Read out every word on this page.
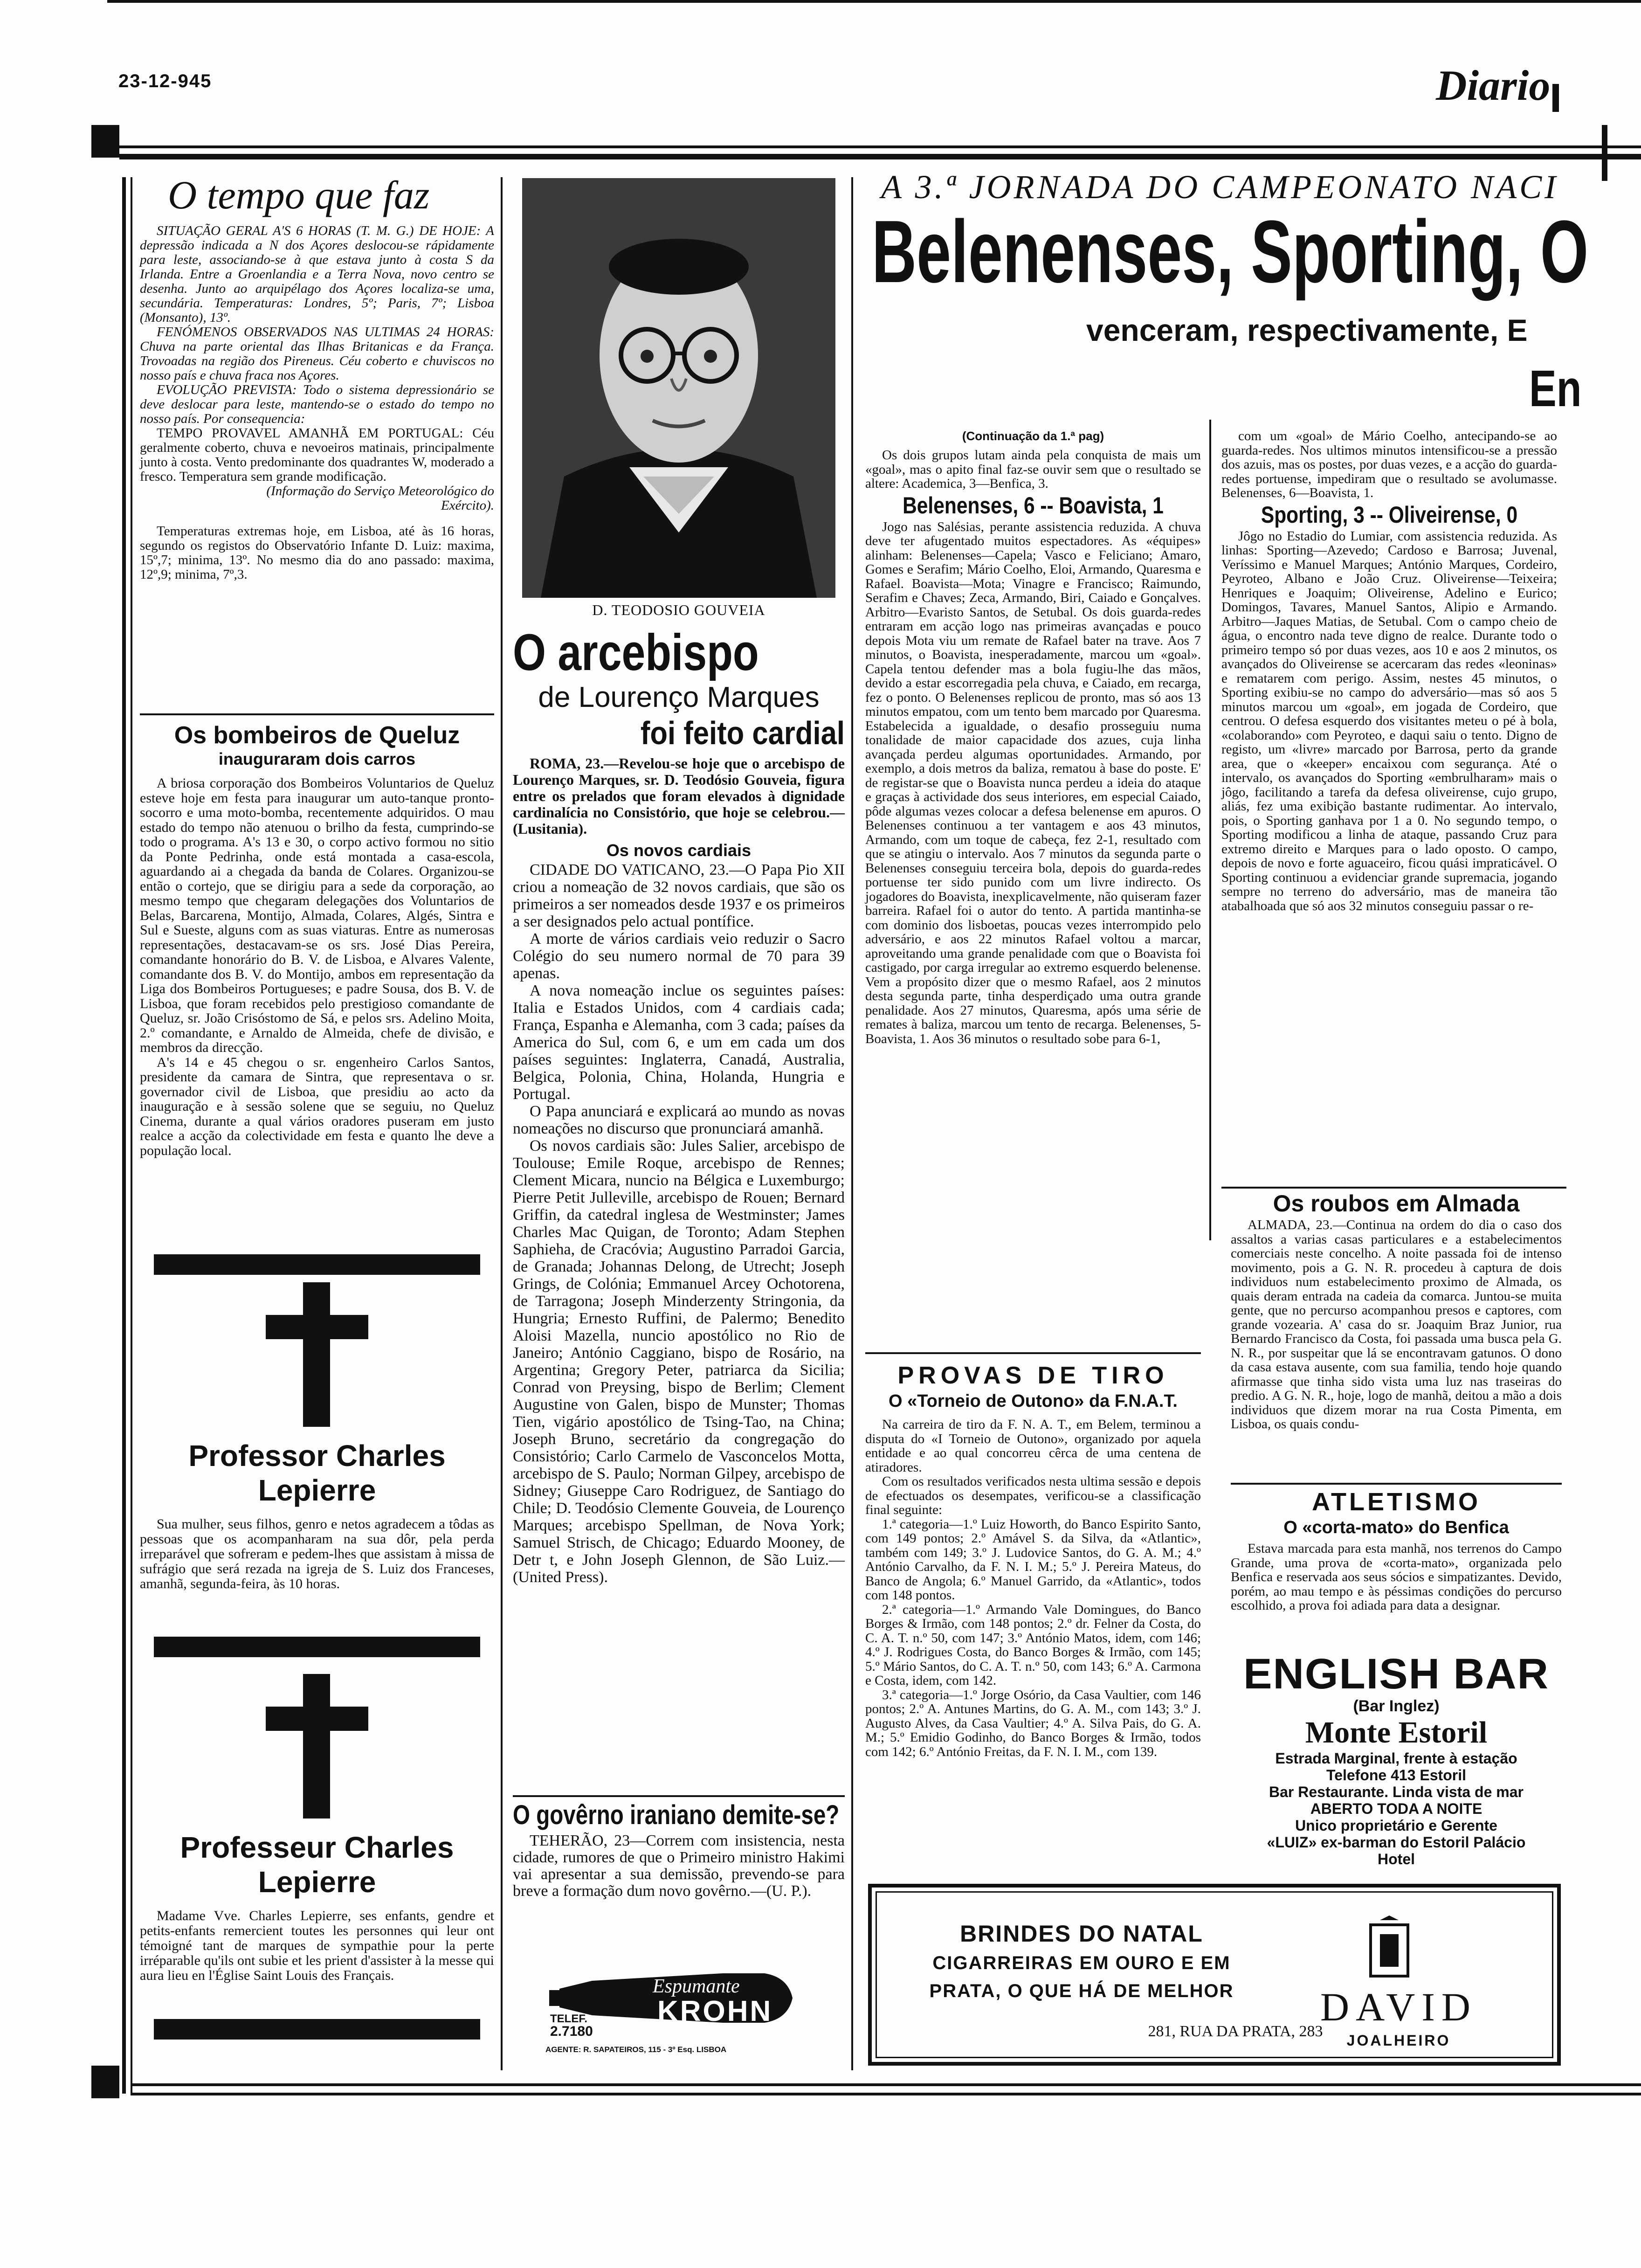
23-12-945	Diario
O tempo que faz

SITUAÇÃO GERAL A'S 6 HORAS (T. M. G.) DE HOJE: A depressão indicada a N dos Açores deslocou-se rápidamente para leste, associando-se à que estava junto à costa S da Irlanda. Entre a Groenlandia e a Terra Nova, novo centro se desenha. Junto ao arquipélago dos Açores localiza-se uma, secundária. Temperaturas: Londres, 5º; Paris, 7º; Lisboa (Monsanto), 13º.

FENÓMENOS OBSERVADOS NAS ULTIMAS 24 HORAS: Chuva na parte oriental das Ilhas Britanicas e da França. Trovoadas na região dos Pireneus. Céu coberto e chuviscos no nosso país e chuva fraca nos Açores.

EVOLUÇÃO PREVISTA: Todo o sistema depressionário se deve deslocar para leste, mantendo-se o estado do tempo no nosso país. Por consequencia:

TEMPO PROVAVEL AMANHÃ EM PORTUGAL: Céu geralmente coberto, chuva e nevoeiros matinais, principalmente junto à costa. Vento predominante dos quadrantes W, moderado a fresco. Temperatura sem grande modificação.

(Informação do Serviço Meteorológico do Exército).

Temperaturas extremas hoje, em Lisboa, até às 16 horas, segundo os registos do Observatório Infante D. Luiz: maxima, 15º,7; minima, 13º. No mesmo dia do ano passado: maxima, 12º,9; minima, 7º,3.

Os bombeiros de Queluz
inauguraram dois carros

A briosa corporação dos Bombeiros Voluntarios de Queluz esteve hoje em festa para inaugurar um auto-tanque pronto-socorro e uma moto-bomba, recentemente adquiridos. O mau estado do tempo não atenuou o brilho da festa, cumprindo-se todo o programa. A's 13 e 30, o corpo activo formou no sitio da Ponte Pedrinha, onde está montada a casa-escola, aguardando ai a chegada da banda de Colares. Organizou-se então o cortejo, que se dirigiu para a sede da corporação, ao mesmo tempo que chegaram delegações dos Voluntarios de Belas, Barcarena, Montijo, Almada, Colares, Algés, Sintra e Sul e Sueste, alguns com as suas viaturas. Entre as numerosas representações, destacavam-se os srs. José Dias Pereira, comandante honorário do B. V. de Lisboa, e Alvares Valente, comandante dos B. V. do Montijo, ambos em representação da Liga dos Bombeiros Portugueses; e padre Sousa, dos B. V. de Lisboa, que foram recebidos pelo prestigioso comandante de Queluz, sr. João Crisóstomo de Sá, e pelos srs. Adelino Moita, 2.º comandante, e Arnaldo de Almeida, chefe de divisão, e membros da direcção.

A's 14 e 45 chegou o sr. engenheiro Carlos Santos, presidente da camara de Sintra, que representava o sr. governador civil de Lisboa, que presidiu ao acto da inauguração e à sessão solene que se seguiu, no Queluz Cinema, durante a qual vários oradores puseram em justo realce a acção da colectividade em festa e quanto lhe deve a população local.

Professor Charles Lepierre

Sua mulher, seus filhos, genro e netos agradecem a tôdas as pessoas que os acompanharam na sua dôr, pela perda irreparável que sofreram e pedem-lhes que assistam à missa de sufrágio que será rezada na igreja de S. Luiz dos Franceses, amanhã, segunda-feira, às 10 horas.

Professeur Charles Lepierre

Madame Vve. Charles Lepierre, ses enfants, gendre et petits-enfants remercient toutes les personnes qui leur ont témoigné tant de marques de sympathie pour la perte irréparable qu'ils ont subie et les prient d'assister à la messe qui aura lieu en l'Église Saint Louis des Français.

D. TEODOSIO GOUVEIA
O arcebispo
de Lourenço Marques
foi feito cardial

ROMA, 23.—Revelou-se hoje que o arcebispo de Lourenço Marques, sr. D. Teodósio Gouveia, figura entre os prelados que foram elevados à dignidade cardinalícia no Consistório, que hoje se celebrou.—(Lusitania).

Os novos cardiais

CIDADE DO VATICANO, 23.—O Papa Pio XII criou a nomeação de 32 novos cardiais, que são os primeiros a ser nomeados desde 1937 e os primeiros a ser designados pelo actual pontífice.

A morte de vários cardiais veio reduzir o Sacro Colégio do seu numero normal de 70 para 39 apenas.

A nova nomeação inclue os seguintes países: Italia e Estados Unidos, com 4 cardiais cada; França, Espanha e Alemanha, com 3 cada; países da America do Sul, com 6, e um em cada um dos países seguintes: Inglaterra, Canadá, Australia, Belgica, Polonia, China, Holanda, Hungria e Portugal.

O Papa anunciará e explicará ao mundo as novas nomeações no discurso que pronunciará amanhã.

Os novos cardiais são: Jules Salier, arcebispo de Toulouse; Emile Roque, arcebispo de Rennes; Clement Micara, nuncio na Bélgica e Luxemburgo; Pierre Petit Julleville, arcebispo de Rouen; Bernard Griffin, da catedral inglesa de Westminster; James Charles Mac Quigan, de Toronto; Adam Stephen Saphieha, de Cracóvia; Augustino Parradoi Garcia, de Granada; Johannas Delong, de Utrecht; Joseph Grings, de Colónia; Emmanuel Arcey Ochotorena, de Tarragona; Joseph Minderzenty Stringonia, da Hungria; Ernesto Ruffini, de Palermo; Benedito Aloisi Mazella, nuncio apostólico no Rio de Janeiro; António Caggiano, bispo de Rosário, na Argentina; Gregory Peter, patriarca da Sicilia; Conrad von Preysing, bispo de Berlim; Clement Augustine von Galen, bispo de Munster; Thomas Tien, vigário apostólico de Tsing-Tao, na China; Joseph Bruno, secretário da congregação do Consistório; Carlo Carmelo de Vasconcelos Motta, arcebispo de S. Paulo; Norman Gilpey, arcebispo de Sidney; Giuseppe Caro Rodriguez, de Santiago do Chile; D. Teodósio Clemente Gouveia, de Lourenço Marques; arcebispo Spellman, de Nova York; Samuel Strisch, de Chicago; Eduardo Mooney, de Detr t, e John Joseph Glennon, de São Luiz.—(United Press).

O govêrno iraniano demite-se?

TEHERÃO, 23—Correm com insistencia, nesta cidade, rumores de que o Primeiro ministro Hakimi vai apresentar a sua demissão, prevendo-se para breve a formação dum novo govêrno.—(U. P.).

Espumante
KROHN
TELEF.
2.7180
AGENTE: R. SAPATEIROS, 115 - 3º Esq. LISBOA
A 3.ª JORNADA DO CAMPEONATO NACI
Belenenses, Sporting, O
venceram, respectivamente, E
En
(Continuação da 1.ª pag)

Os dois grupos lutam ainda pela conquista de mais um «goal», mas o apito final faz-se ouvir sem que o resultado se altere: Academica, 3—Benfica, 3.

Belenenses, 6 -- Boavista, 1

Jogo nas Salésias, perante assistencia reduzida. A chuva deve ter afugentado muitos espectadores. As «équipes» alinham: Belenenses—Capela; Vasco e Feliciano; Amaro, Gomes e Serafim; Mário Coelho, Eloi, Armando, Quaresma e Rafael. Boavista—Mota; Vinagre e Francisco; Raimundo, Serafim e Chaves; Zeca, Armando, Biri, Caiado e Gonçalves. Arbitro—Evaristo Santos, de Setubal. Os dois guarda-redes entraram em acção logo nas primeiras avançadas e pouco depois Mota viu um remate de Rafael bater na trave. Aos 7 minutos, o Boavista, inesperadamente, marcou um «goal». Capela tentou defender mas a bola fugiu-lhe das mãos, devido a estar escorregadia pela chuva, e Caiado, em recarga, fez o ponto. O Belenenses replicou de pronto, mas só aos 13 minutos empatou, com um tento bem marcado por Quaresma. Estabelecida a igualdade, o desafio prosseguiu numa tonalidade de maior capacidade dos azues, cuja linha avançada perdeu algumas oportunidades. Armando, por exemplo, a dois metros da baliza, rematou à base do poste. E' de registar-se que o Boavista nunca perdeu a ideia do ataque e graças à actividade dos seus interiores, em especial Caiado, pôde algumas vezes colocar a defesa belenense em apuros. O Belenenses continuou a ter vantagem e aos 43 minutos, Armando, com um toque de cabeça, fez 2-1, resultado com que se atingiu o intervalo. Aos 7 minutos da segunda parte o Belenenses conseguiu terceira bola, depois do guarda-redes portuense ter sido punido com um livre indirecto. Os jogadores do Boavista, inexplicavelmente, não quiseram fazer barreira. Rafael foi o autor do tento. A partida mantinha-se com dominio dos lisboetas, poucas vezes interrompido pelo adversário, e aos 22 minutos Rafael voltou a marcar, aproveitando uma grande penalidade com que o Boavista foi castigado, por carga irregular ao extremo esquerdo belenense. Vem a propósito dizer que o mesmo Rafael, aos 2 minutos desta segunda parte, tinha desperdiçado uma outra grande penalidade. Aos 27 minutos, Quaresma, após uma série de remates à baliza, marcou um tento de recarga. Belenenses, 5-Boavista, 1. Aos 36 minutos o resultado sobe para 6-1,

com um «goal» de Mário Coelho, antecipando-se ao guarda-redes. Nos ultimos minutos intensificou-se a pressão dos azuis, mas os postes, por duas vezes, e a acção do guarda-redes portuense, impediram que o resultado se avolumasse. Belenenses, 6—Boavista, 1.

Sporting, 3 -- Oliveirense, 0

Jôgo no Estadio do Lumiar, com assistencia reduzida. As linhas: Sporting—Azevedo; Cardoso e Barrosa; Juvenal, Veríssimo e Manuel Marques; António Marques, Cordeiro, Peyroteo, Albano e João Cruz. Oliveirense—Teixeira; Henriques e Joaquim; Oliveirense, Adelino e Eurico; Domingos, Tavares, Manuel Santos, Alipio e Armando. Arbitro—Jaques Matias, de Setubal. Com o campo cheio de água, o encontro nada teve digno de realce. Durante todo o primeiro tempo só por duas vezes, aos 10 e aos 2 minutos, os avançados do Oliveirense se acercaram das redes «leoninas» e rematarem com perigo. Assim, nestes 45 minutos, o Sporting exibiu-se no campo do adversário—mas só aos 5 minutos marcou um «goal», em jogada de Cordeiro, que centrou. O defesa esquerdo dos visitantes meteu o pé à bola, «colaborando» com Peyroteo, e daqui saiu o tento. Digno de registo, um «livre» marcado por Barrosa, perto da grande area, que o «keeper» encaixou com segurança. Até o intervalo, os avançados do Sporting «embrulharam» mais o jôgo, facilitando a tarefa da defesa oliveirense, cujo grupo, aliás, fez uma exibição bastante rudimentar. Ao intervalo, pois, o Sporting ganhava por 1 a 0. No segundo tempo, o Sporting modificou a linha de ataque, passando Cruz para extremo direito e Marques para o lado oposto. O campo, depois de novo e forte aguaceiro, ficou quási impraticável. O Sporting continuou a evidenciar grande supremacia, jogando sempre no terreno do adversário, mas de maneira tão atabalhoada que só aos 32 minutos conseguiu passar o re-

PROVAS DE TIRO
O «Torneio de Outono» da F.N.A.T.

Na carreira de tiro da F. N. A. T., em Belem, terminou a disputa do «I Torneio de Outono», organizado por aquela entidade e ao qual concorreu cêrca de uma centena de atiradores.

Com os resultados verificados nesta ultima sessão e depois de efectuados os desempates, verificou-se a classificação final seguinte:

1.ª categoria—1.º Luiz Howorth, do Banco Espirito Santo, com 149 pontos; 2.º Amável S. da Silva, da «Atlantic», também com 149; 3.º J. Ludovice Santos, do G. A. M.; 4.º António Carvalho, da F. N. I. M.; 5.º J. Pereira Mateus, do Banco de Angola; 6.º Manuel Garrido, da «Atlantic», todos com 148 pontos.

2.ª categoria—1.º Armando Vale Domingues, do Banco Borges & Irmão, com 148 pontos; 2.º dr. Felner da Costa, do C. A. T. n.º 50, com 147; 3.º António Matos, idem, com 146; 4.º J. Rodrigues Costa, do Banco Borges & Irmão, com 145; 5.º Mário Santos, do C. A. T. n.º 50, com 143; 6.º A. Carmona e Costa, idem, com 142.

3.ª categoria—1.º Jorge Osório, da Casa Vaultier, com 146 pontos; 2.º A. Antunes Martins, do G. A. M., com 143; 3.º J. Augusto Alves, da Casa Vaultier; 4.º A. Silva Pais, do G. A. M.; 5.º Emidio Godinho, do Banco Borges & Irmão, todos com 142; 6.º António Freitas, da F. N. I. M., com 139.

Os roubos em Almada

ALMADA, 23.—Continua na ordem do dia o caso dos assaltos a varias casas particulares e a estabelecimentos comerciais neste concelho. A noite passada foi de intenso movimento, pois a G. N. R. procedeu à captura de dois individuos num estabelecimento proximo de Almada, os quais deram entrada na cadeia da comarca. Juntou-se muita gente, que no percurso acompanhou presos e captores, com grande vozearia. A' casa do sr. Joaquim Braz Junior, rua Bernardo Francisco da Costa, foi passada uma busca pela G. N. R., por suspeitar que lá se encontravam gatunos. O dono da casa estava ausente, com sua familia, tendo hoje quando afirmasse que tinha sido vista uma luz nas traseiras do predio. A G. N. R., hoje, logo de manhã, deitou a mão a dois individuos que dizem morar na rua Costa Pimenta, em Lisboa, os quais condu-

ATLETISMO
O «corta-mato» do Benfica

Estava marcada para esta manhã, nos terrenos do Campo Grande, uma prova de «corta-mato», organizada pelo Benfica e reservada aos seus sócios e simpatizantes. Devido, porém, ao mau tempo e às péssimas condições do percurso escolhido, a prova foi adiada para data a designar.

ENGLISH BAR
(Bar Inglez)
Monte Estoril
Estrada Marginal, frente à estação
Telefone 413 Estoril
Bar Restaurante. Linda vista de mar
ABERTO TODA A NOITE
Unico proprietário e Gerente
«LUIZ» ex-barman do Estoril Palácio
Hotel
BRINDES DO NATAL
CIGARREIRAS EM OURO E EM
PRATA, O QUE HÁ DE MELHOR
281, RUA DA PRATA, 283
DAVID
JOALHEIRO
